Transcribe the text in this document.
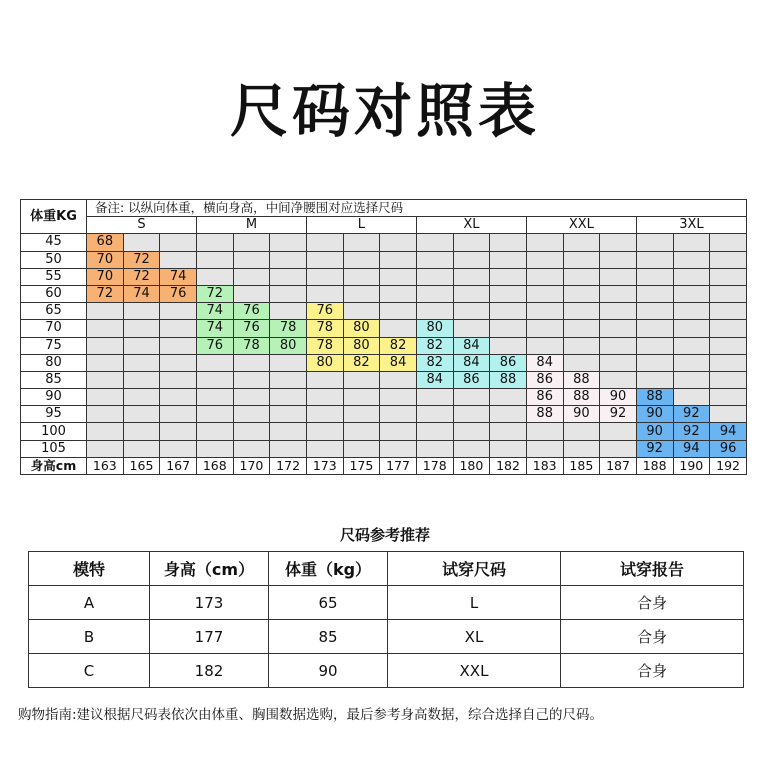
尺码对照表
体重KG	备注: 以纵向体重，横向身高，中间净腰围对应选择尺码																	
	S			M			L			XL			XXL			3XL		
45	68																	
50	70	72																
55	70	72	74															
60	72	74	76	72														
65				74	76		76											
70				74	76	78	78	80		80								
75				76	78	80	78	80	82	82	84							
80							80	82	84	82	84	86	84					
85										84	86	88	86	88				
90													86	88	90	88		
95													88	90	92	90	92	
100																90	92	94
105																92	94	96
身高cm	163	165	167	168	170	172	173	175	177	178	180	182	183	185	187	188	190	192
尺码参考推荐
模特	身高（cm）	体重（kg）	试穿尺码	试穿报告
A	173	65	L	合身
B	177	85	XL	合身
C	182	90	XXL	合身
购物指南:建议根据尺码表依次由体重、胸围数据选购，最后参考身高数据，综合选择自己的尺码。
